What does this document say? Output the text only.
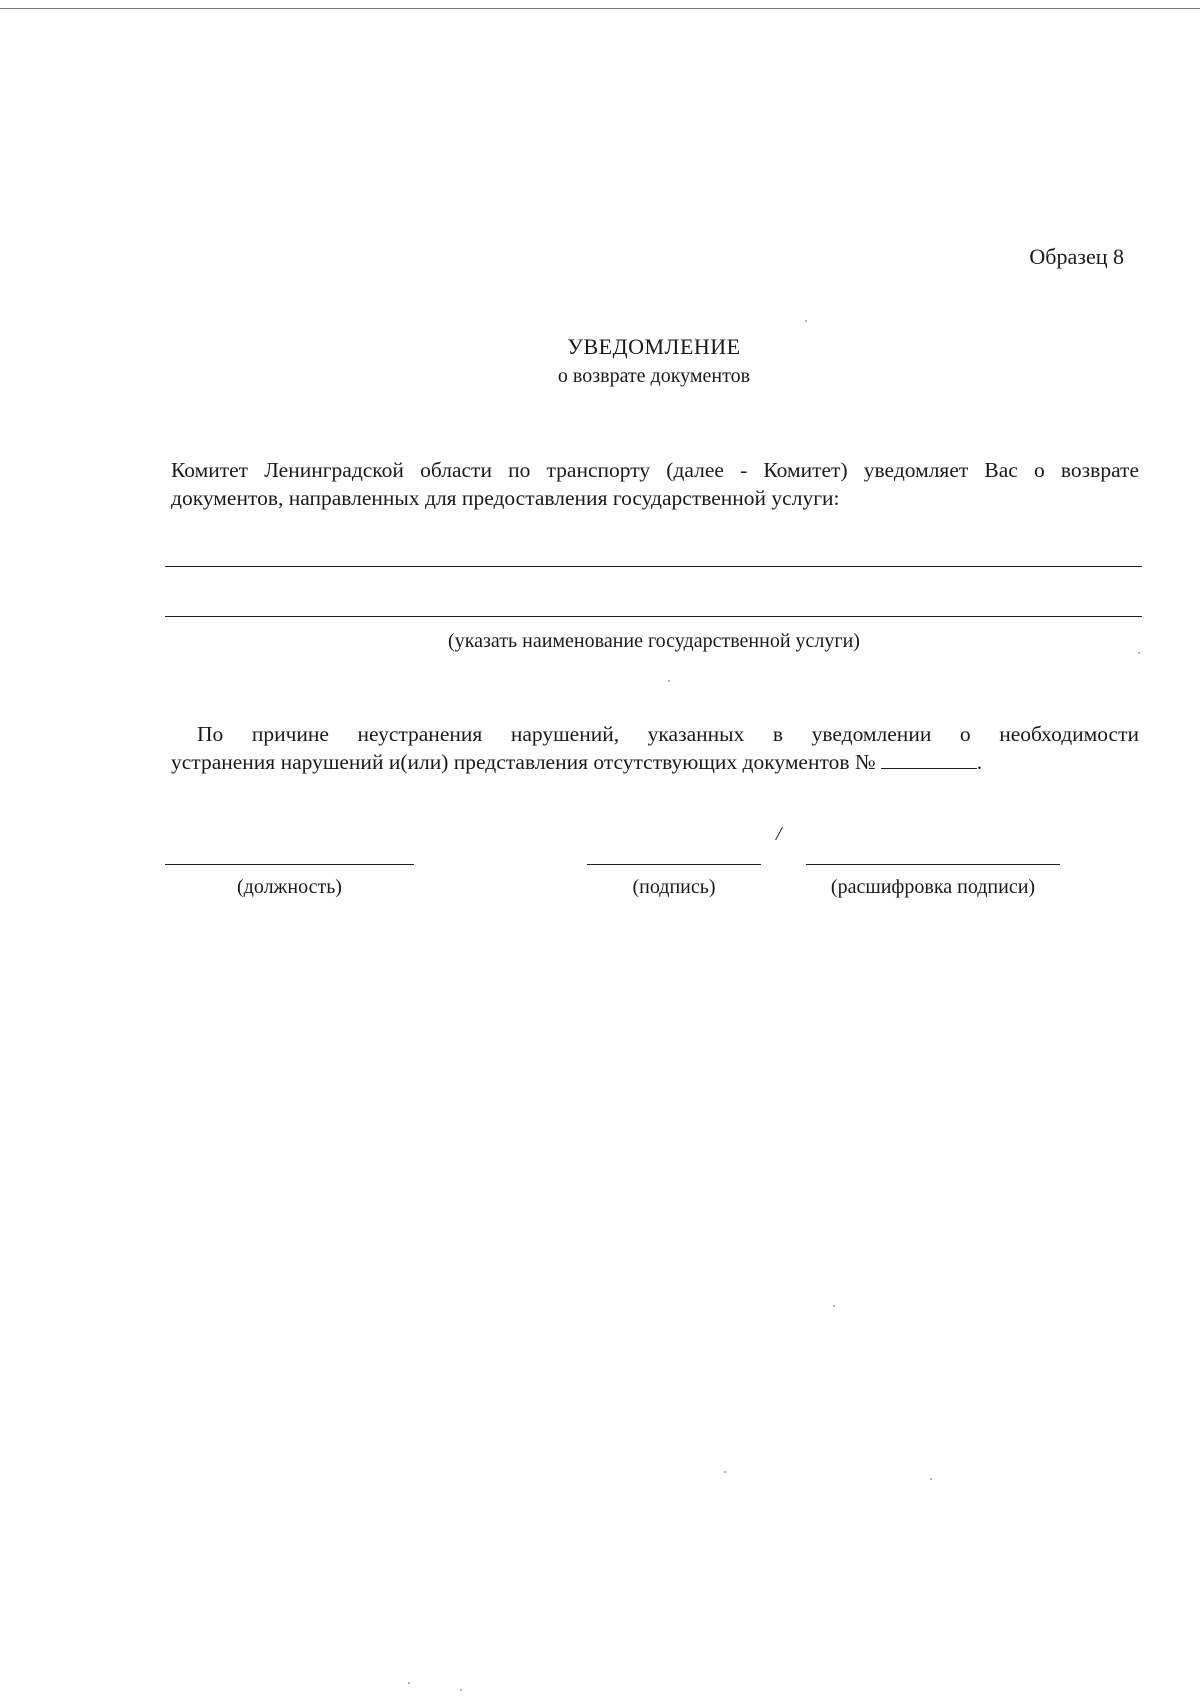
Образец 8
УВЕДОМЛЕНИЕ
о возврате документов
Комитет Ленинградской области по транспорту (далее - Комитет) уведомляет Вас о возврате
документов, направленных для предоставления государственной услуги:
(указать наименование государственной услуги)
По причине неустранения нарушений, указанных в уведомлении о необходимости
устранения нарушений и(или) представления отсутствующих документов №	.
/
(должность)	(подпись)	(расшифровка подписи)
